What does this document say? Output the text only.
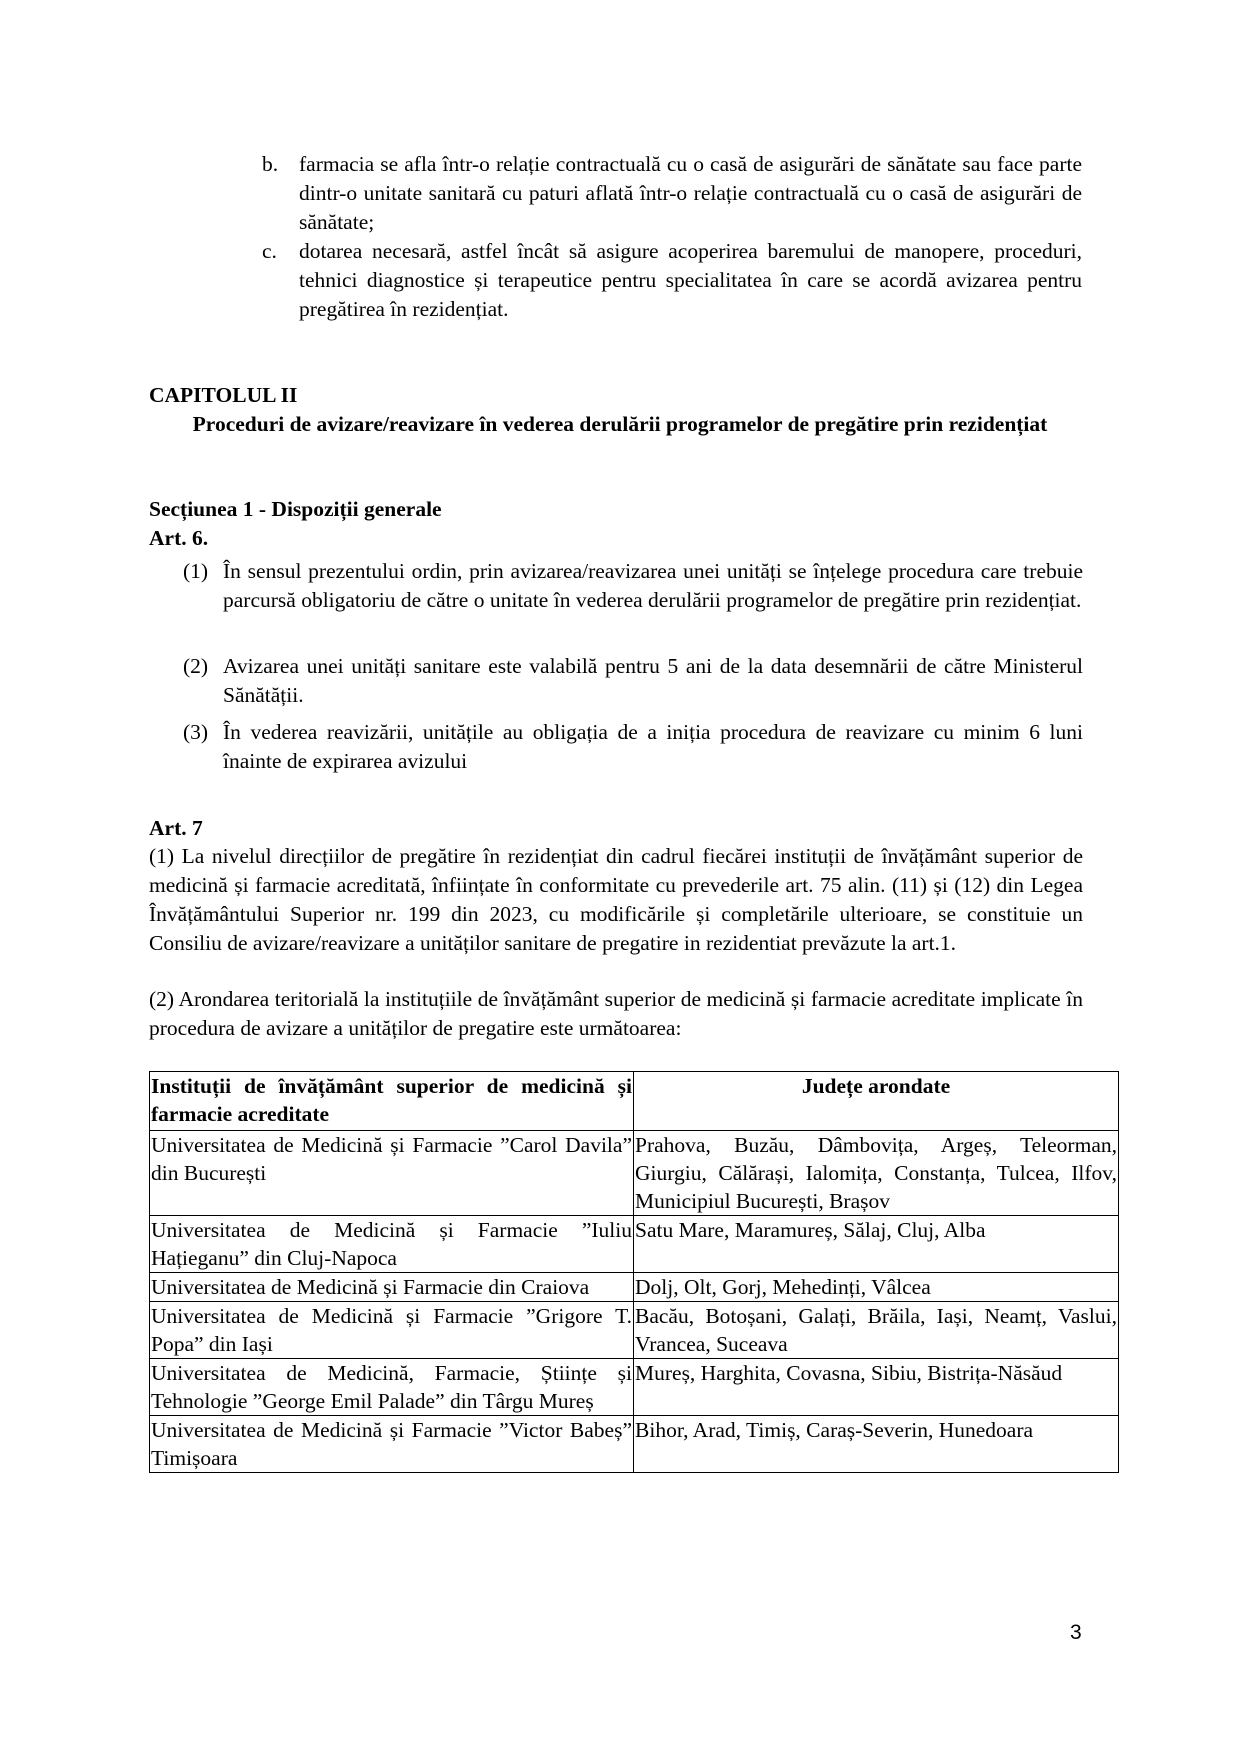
b. farmacia se afla într-o relație contractuală cu o casă de asigurări de sănătate sau face parte dintr-o unitate sanitară cu paturi aflată într-o relație contractuală cu o casă de asigurări de sănătate;
c. dotarea necesară, astfel încât să asigure acoperirea baremului de manopere, proceduri, tehnici diagnostice și terapeutice pentru specialitatea în care se acordă avizarea pentru pregătirea în rezidențiat.
CAPITOLUL II
Proceduri de avizare/reavizare în vederea derulării programelor de pregătire prin rezidențiat
Secțiunea 1 - Dispoziții generale
Art. 6.
(1) În sensul prezentului ordin, prin avizarea/reavizarea unei unități se înțelege procedura care trebuie parcursă obligatoriu de către o unitate în vederea derulării programelor de pregătire prin rezidențiat.
(2) Avizarea unei unități sanitare este valabilă pentru 5 ani de la data desemnării de către Ministerul Sănătății.
(3) În vederea reavizării, unitățile au obligația de a iniția procedura de reavizare cu minim 6 luni înainte de expirarea avizului
Art. 7
(1) La nivelul direcțiilor de pregătire în rezidențiat din cadrul fiecărei instituții de învățământ superior de medicină și farmacie acreditată, înființate în conformitate cu prevederile art. 75 alin. (11) și (12) din Legea Învățământului Superior nr. 199 din 2023, cu modificările și completările ulterioare, se constituie un Consiliu de avizare/reavizare a unităților sanitare de pregatire in rezidentiat prevăzute la art.1.
(2) Arondarea teritorială la instituțiile de învățământ superior de medicină și farmacie acreditate implicate în procedura de avizare a unităților de pregatire este următoarea:
Instituții de învățământ superior de medicină și farmacie acreditate	Județe arondate
Universitatea de Medicină și Farmacie ”Carol Davila” din București	Prahova, Buzău, Dâmbovița, Argeș, Teleorman, Giurgiu, Călărași, Ialomița, Constanța, Tulcea, Ilfov, Municipiul București, Brașov
Universitatea de Medicină și Farmacie ”Iuliu Hațieganu” din Cluj-Napoca	Satu Mare, Maramureș, Sălaj, Cluj, Alba
Universitatea de Medicină și Farmacie din Craiova	Dolj, Olt, Gorj, Mehedinți, Vâlcea
Universitatea de Medicină și Farmacie ”Grigore T. Popa” din Iași	Bacău, Botoșani, Galați, Brăila, Iași, Neamț, Vaslui, Vrancea, Suceava
Universitatea de Medicină, Farmacie, Științe și Tehnologie ”George Emil Palade” din Târgu Mureș	Mureș, Harghita, Covasna, Sibiu, Bistrița-Năsăud
Universitatea de Medicină și Farmacie ”Victor Babeș” Timișoara	Bihor, Arad, Timiș, Caraș-Severin, Hunedoara
3
